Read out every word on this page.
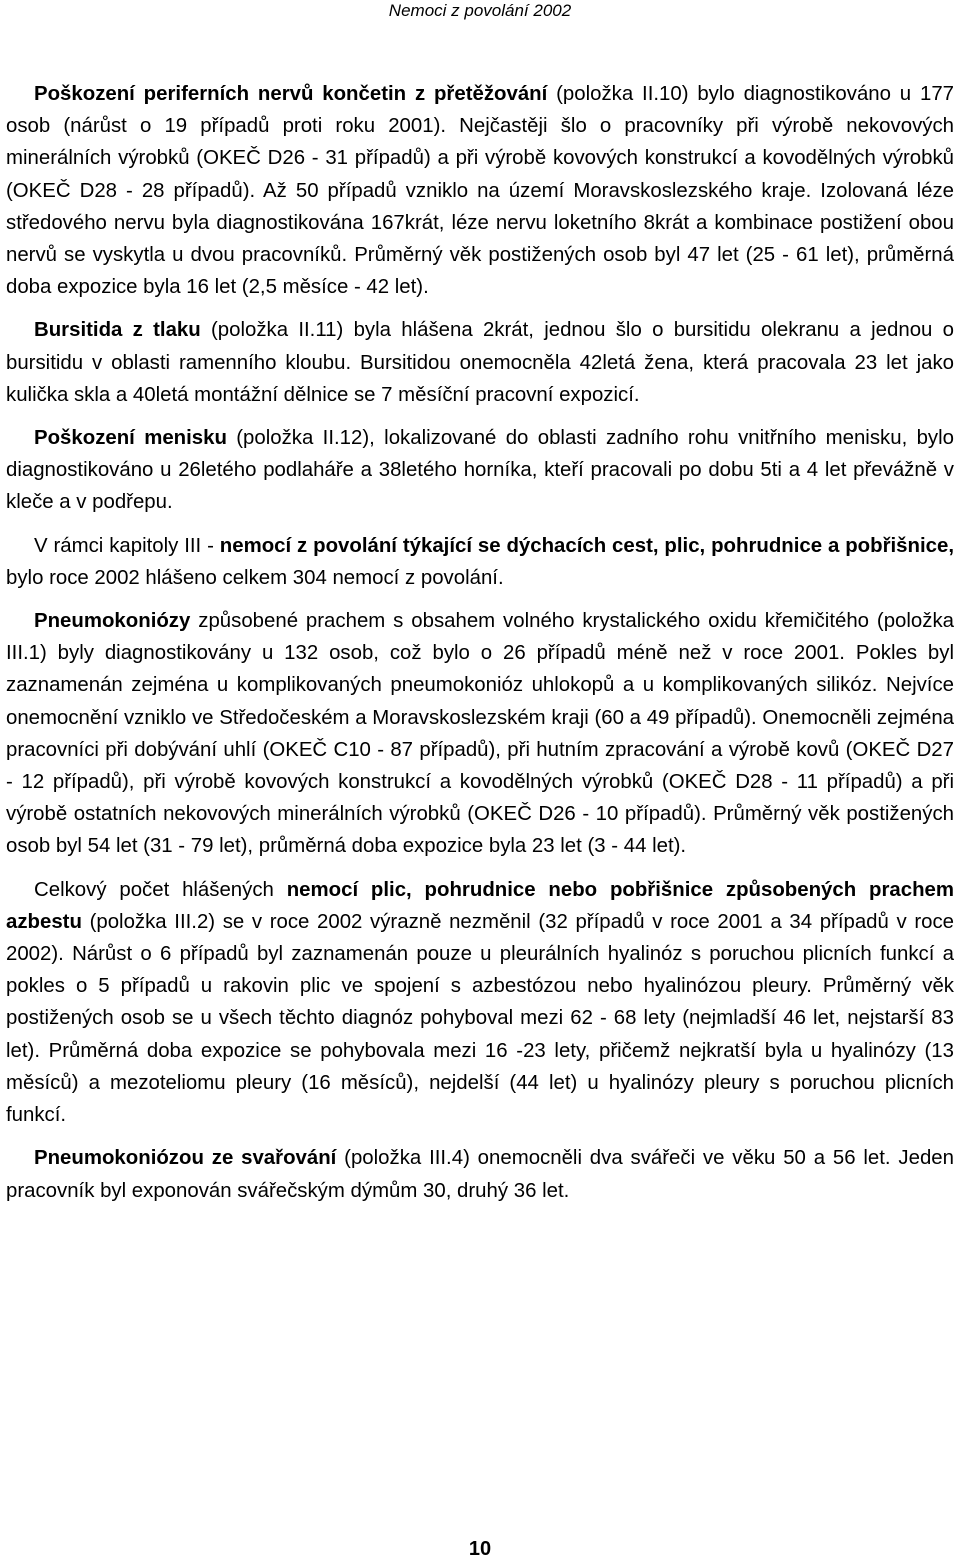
Nemoci z povolání 2002

Poškození periferních nervů končetin z přetěžování (položka II.10) bylo diagnostikováno u 177 osob (nárůst o 19 případů proti roku 2001). Nejčastěji šlo o pracovníky při výrobě nekovových minerálních výrobků (OKEČ D26 - 31 případů) a při výrobě kovových konstrukcí a kovodělných výrobků (OKEČ D28 - 28 případů). Až 50 případů vzniklo na území Moravskoslezského kraje. Izolovaná léze středového nervu byla diagnostikována 167krát, léze nervu loketního 8krát a kombinace postižení obou nervů se vyskytla u dvou pracovníků. Průměrný věk postižených osob byl 47 let (25 - 61 let), průměrná doba expozice byla 16 let (2,5 měsíce - 42 let).

Bursitida z tlaku (položka II.11) byla hlášena 2krát, jednou šlo o bursitidu olekranu a jednou o bursitidu v oblasti ramenního kloubu. Bursitidou onemocněla 42letá žena, která pracovala 23 let jako kulička skla a 40letá montážní dělnice se 7 měsíční pracovní expozicí.

Poškození menisku (položka II.12), lokalizované do oblasti zadního rohu vnitřního menisku, bylo diagnostikováno u 26letého podlaháře a 38letého horníka, kteří pracovali po dobu 5ti a 4 let převážně v kleče a v podřepu.

V rámci kapitoly III - nemocí z povolání týkající se dýchacích cest, plic, pohrudnice a pobřišnice, bylo roce 2002 hlášeno celkem 304 nemocí z povolání.

Pneumokoniózy způsobené prachem s obsahem volného krystalického oxidu křemičitého (položka III.1) byly diagnostikovány u 132 osob, což bylo o 26 případů méně než v roce 2001. Pokles byl zaznamenán zejména u komplikovaných pneumokonióz uhlokopů a u komplikovaných silikóz. Nejvíce onemocnění vzniklo ve Středočeském a Moravskoslezském kraji (60 a 49 případů). Onemocněli zejména pracovníci při dobývání uhlí (OKEČ C10 - 87 případů), při hutním zpracování a výrobě kovů (OKEČ D27 - 12 případů), při výrobě kovových konstrukcí a kovodělných výrobků (OKEČ D28 - 11 případů) a při výrobě ostatních nekovových minerálních výrobků (OKEČ D26 - 10 případů). Průměrný věk postižených osob byl 54 let (31 - 79 let), průměrná doba expozice byla 23 let (3 - 44 let).

Celkový počet hlášených nemocí plic, pohrudnice nebo pobřišnice způsobených prachem azbestu (položka III.2) se v roce 2002 výrazně nezměnil (32 případů v roce 2001 a 34 případů v roce 2002). Nárůst o 6 případů byl zaznamenán pouze u pleurálních hyalinóz s poruchou plicních funkcí a pokles o 5 případů u rakovin plic ve spojení s azbestózou nebo hyalinózou pleury. Průměrný věk postižených osob se u všech těchto diagnóz pohyboval mezi 62 - 68 lety (nejmladší 46 let, nejstarší 83 let). Průměrná doba expozice se pohybovala mezi 16 -23 lety, přičemž nejkratší byla u hyalinózy (13 měsíců) a mezoteliomu pleury (16 měsíců), nejdelší (44 let) u hyalinózy pleury s poruchou plicních funkcí.

Pneumokoniózou ze svařování (položka III.4) onemocněli dva svářeči ve věku 50 a 56 let. Jeden pracovník byl exponován svářečským dýmům 30, druhý 36 let.

10
